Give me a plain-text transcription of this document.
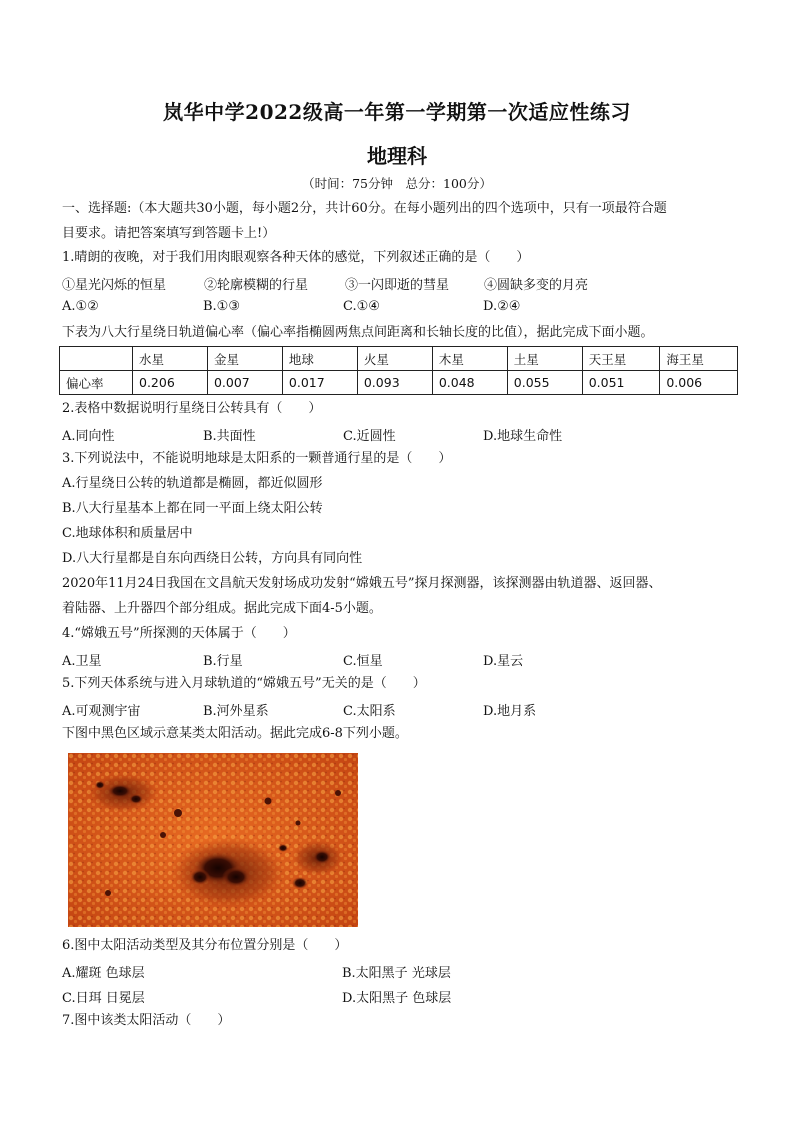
岚华中学2022级高一年第一学期第一次适应性练习
地理科
（时间：75分钟　总分：100分）
一、选择题:（本大题共30小题，每小题2分，共计60分。在每小题列出的四个选项中，只有一项最符合题
目要求。请把答案填写到答题卡上!）
1.晴朗的夜晚，对于我们用肉眼观察各种天体的感觉，下列叙述正确的是（　　）
①星光闪烁的恒星	②轮廓模糊的行星	③一闪即逝的彗星	④圆缺多变的月亮
A.①②	B.①③	C.①④	D.②④
下表为八大行星绕日轨道偏心率（偏心率指椭圆两焦点间距离和长轴长度的比值），据此完成下面小题。
	水星	金星	地球	火星	木星	土星	天王星	海王星
偏心率	0.206	0.007	0.017	0.093	0.048	0.055	0.051	0.006
2.表格中数据说明行星绕日公转具有（　　）
A.同向性	B.共面性	C.近圆性	D.地球生命性
3.下列说法中，不能说明地球是太阳系的一颗普通行星的是（　　）
A.行星绕日公转的轨道都是椭圆，都近似圆形
B.八大行星基本上都在同一平面上绕太阳公转
C.地球体积和质量居中
D.八大行星都是自东向西绕日公转，方向具有同向性
2020年11月24日我国在文昌航天发射场成功发射“嫦娥五号”探月探测器，该探测器由轨道器、返回器、
着陆器、上升器四个部分组成。据此完成下面4-5小题。
4.“嫦娥五号”所探测的天体属于（　　）
A.卫星	B.行星	C.恒星	D.星云
5.下列天体系统与进入月球轨道的“嫦娥五号”无关的是（　　）
A.可观测宇宙	B.河外星系	C.太阳系	D.地月系
下图中黑色区域示意某类太阳活动。据此完成6-8下列小题。
6.图中太阳活动类型及其分布位置分别是（　　）
A.耀斑 色球层	B.太阳黑子 光球层
C.日珥 日冕层	D.太阳黑子 色球层
7.图中该类太阳活动（　　）
